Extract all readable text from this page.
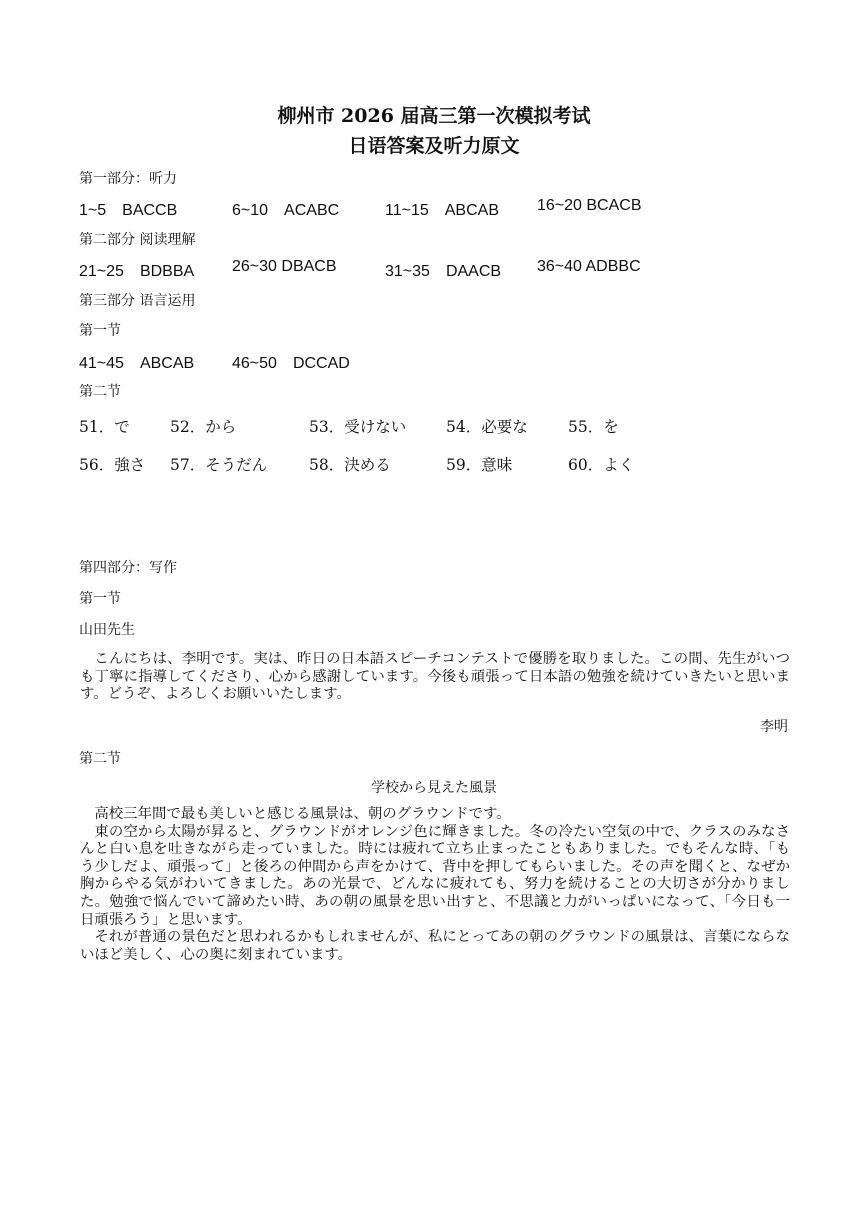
柳州市 2026 届高三第一次模拟考试
日语答案及听力原文
第一部分：听力
1~5　BACCB	6~10　ACABC	11~15　ABCAB 16~20 BCACB
第二部分 阅读理解
21~25　BDBBA 26~30 DBACB	31~35　DAACB 36~40 ADBBC
第三部分 语言运用
第一节
41~45　ABCAB 46~50　DCCAD
第二节
51．で	52．から	53．受けない	54．必要な	55．を
56．強さ 57．そうだん	58．決める	59．意味	60．よく
第四部分：写作
第一节
山田先生

こんにちは、李明です。実は、昨日の日本語スピーチコンテストで優勝を取りました。この間、先生がいつも丁寧に指導してくださり、心から感謝しています。今後も頑張って日本語の勉強を続けていきたいと思います。どうぞ、よろしくお願いいたします。

李明
第二节
学校から見えた風景

高校三年間で最も美しいと感じる風景は、朝のグラウンドです。

東の空から太陽が昇ると、グラウンドがオレンジ色に輝きました。冬の冷たい空気の中で、クラスのみなさんと白い息を吐きながら走っていました。時には疲れて立ち止まったこともありました。でもそんな時、「もう少しだよ、頑張って」と後ろの仲間から声をかけて、背中を押してもらいました。その声を聞くと、なぜか胸からやる気がわいてきました。あの光景で、どんなに疲れても、努力を続けることの大切さが分かりました。勉強で悩んでいて諦めたい時、あの朝の風景を思い出すと、不思議と力がいっぱいになって、「今日も一日頑張ろう」と思います。

それが普通の景色だと思われるかもしれませんが、私にとってあの朝のグラウンドの風景は、言葉にならないほど美しく、心の奥に刻まれています。
